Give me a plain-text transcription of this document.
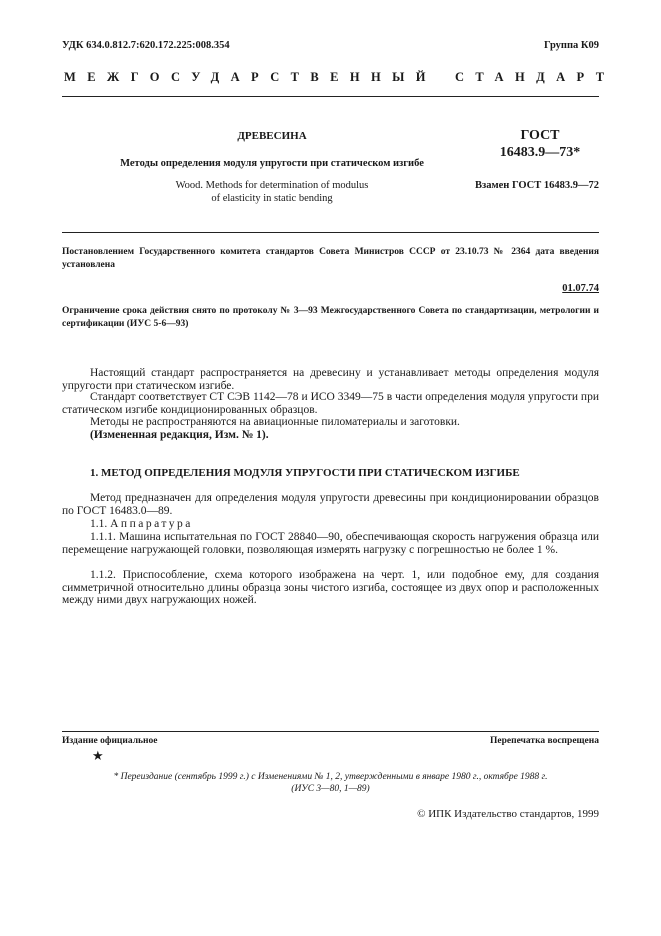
УДК 634.0.812.7:620.172.225:008.354	Группа К09
МЕЖГОСУДАРСТВЕННЫЙ СТАНДАРТ
ДРЕВЕСИНА
Методы определения модуля упругости при статическом изгибе
Wood. Methods for determination of modulus
of elasticity in static bending
ГОСТ
16483.9—73*
Взамен ГОСТ 16483.9—72
Постановлением Государственного комитета стандартов Совета Министров СССР от 23.10.73 № 2364 дата введения установлена
01.07.74
Ограничение срока действия снято по протоколу № 3—93 Межгосударственного Совета по стандартизации, метрологии и сертификации (ИУС 5-6—93)
Настоящий стандарт распространяется на древесину и устанавливает методы определения модуля упругости при статическом изгибе.
Стандарт соответствует СТ СЭВ 1142—78 и ИСО 3349—75 в части определения модуля упругости при статическом изгибе кондиционированных образцов.
Методы не распространяются на авиационные пиломатериалы и заготовки.
(Измененная редакция, Изм. № 1).
1. МЕТОД ОПРЕДЕЛЕНИЯ МОДУЛЯ УПРУГОСТИ ПРИ СТАТИЧЕСКОМ ИЗГИБЕ
Метод предназначен для определения модуля упругости древесины при кондиционировании образцов по ГОСТ 16483.0—89.
1.1. Аппаратура
1.1.1. Машина испытательная по ГОСТ 28840—90, обеспечивающая скорость нагружения образца или перемещение нагружающей головки, позволяющая измерять нагрузку с погрешностью не более 1 %.
1.1.2. Приспособление, схема которого изображена на черт. 1, или подобное ему, для создания симметричной относительно длины образца зоны чистого изгиба, состоящее из двух опор и расположенных между ними двух нагружающих ножей.
Издание официальное
★
Перепечатка воспрещена
* Переиздание (сентябрь 1999 г.) с Изменениями № 1, 2, утвержденными в январе 1980 г., октябре 1988 г.
(ИУС 3—80, 1—89)
© ИПК Издательство стандартов, 1999
